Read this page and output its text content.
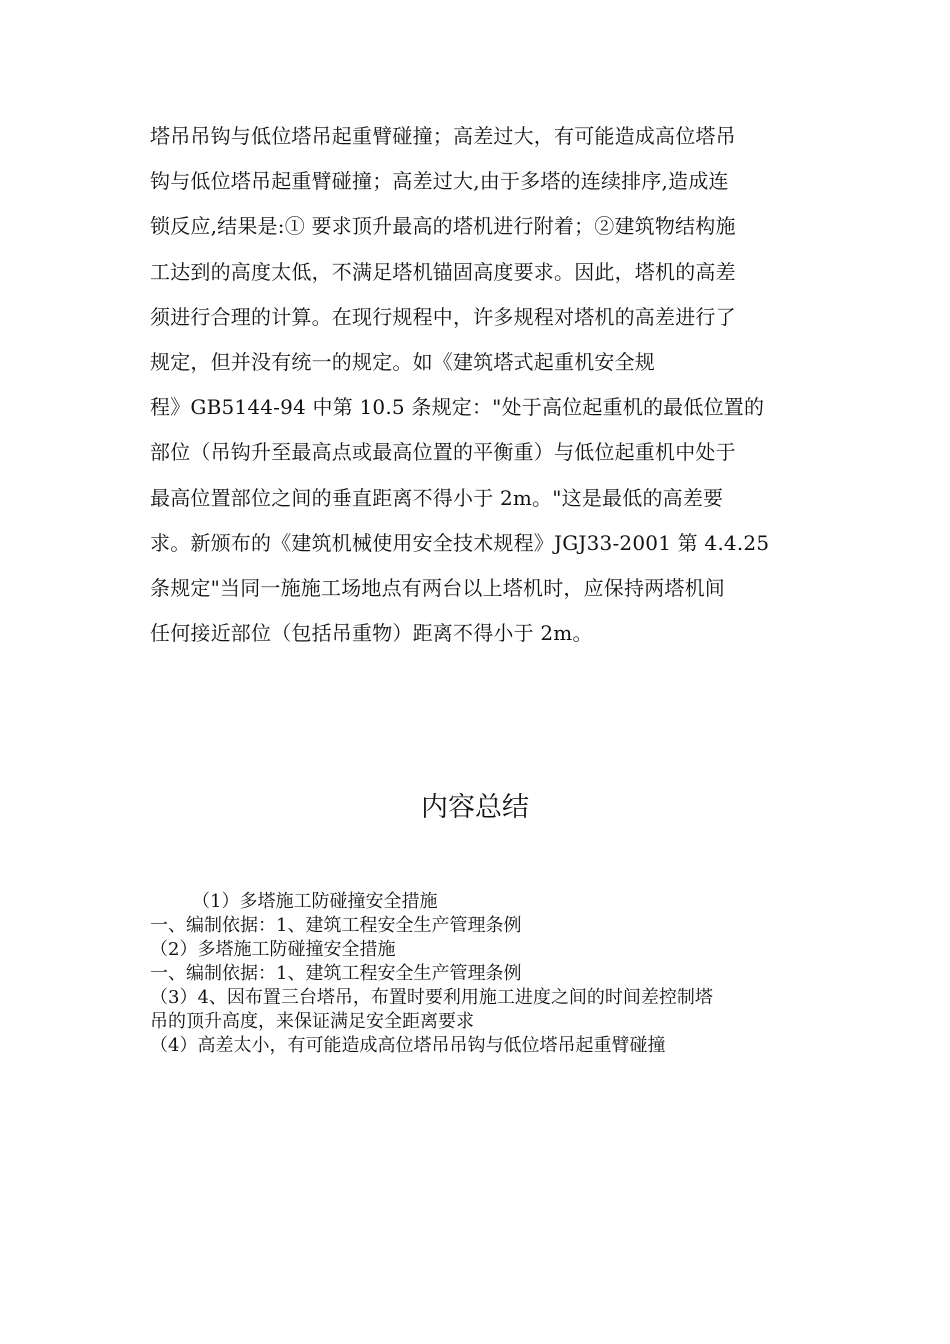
塔吊吊钩与低位塔吊起重臂碰撞；高差过大，有可能造成高位塔吊
钩与低位塔吊起重臂碰撞；高差过大,由于多塔的连续排序,造成连
锁反应,结果是:① 要求顶升最高的塔机进行附着；②建筑物结构施
工达到的高度太低，不满足塔机锚固高度要求。因此，塔机的高差
须进行合理的计算。在现行规程中，许多规程对塔机的高差进行了
规定，但并没有统一的规定。如《建筑塔式起重机安全规
程》GB5144-94 中第 10.5 条规定："处于高位起重机的最低位置的
部位（吊钩升至最高点或最高位置的平衡重）与低位起重机中处于
最高位置部位之间的垂直距离不得小于 2m。"这是最低的高差要
求。新颁布的《建筑机械使用安全技术规程》JGJ33-2001 第 4.4.25
条规定"当同一施施工场地点有两台以上塔机时，应保持两塔机间
任何接近部位（包括吊重物）距离不得小于 2m。
内容总结
（1）多塔施工防碰撞安全措施
一、编制依据：1、建筑工程安全生产管理条例
（2）多塔施工防碰撞安全措施
一、编制依据：1、建筑工程安全生产管理条例
（3）4、因布置三台塔吊，布置时要利用施工进度之间的时间差控制塔
吊的顶升高度，来保证满足安全距离要求
（4）高差太小，有可能造成高位塔吊吊钩与低位塔吊起重臂碰撞
